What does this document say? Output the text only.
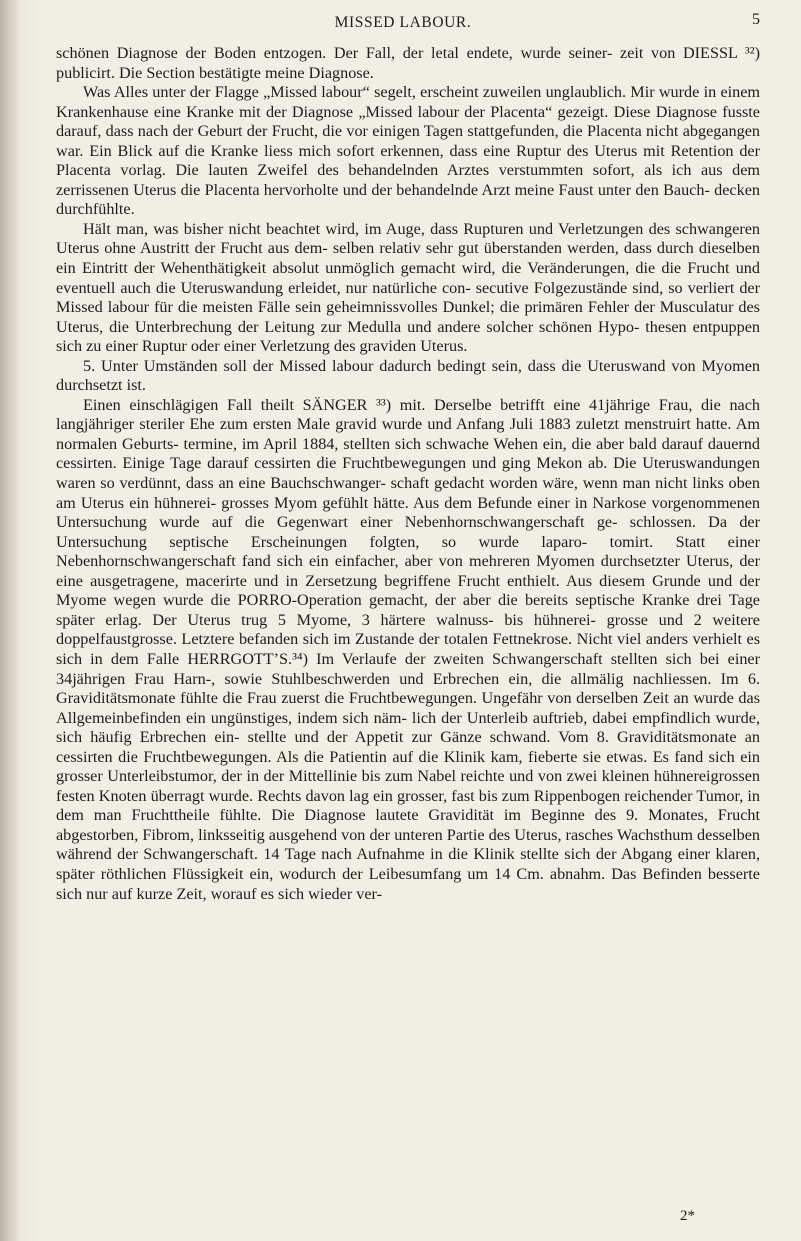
MISSED LABOUR.	5

schönen Diagnose der Boden entzogen. Der Fall, der letal endete, wurde seiner- zeit von DIESSL ³²) publicirt. Die Section bestätigte meine Diagnose.

Was Alles unter der Flagge „Missed labour“ segelt, erscheint zuweilen unglaublich. Mir wurde in einem Krankenhause eine Kranke mit der Diagnose „Missed labour der Placenta“ gezeigt. Diese Diagnose fusste darauf, dass nach der Geburt der Frucht, die vor einigen Tagen stattgefunden, die Placenta nicht abgegangen war. Ein Blick auf die Kranke liess mich sofort erkennen, dass eine Ruptur des Uterus mit Retention der Placenta vorlag. Die lauten Zweifel des behandelnden Arztes verstummten sofort, als ich aus dem zerrissenen Uterus die Placenta hervorholte und der behandelnde Arzt meine Faust unter den Bauch- decken durchfühlte.

Hält man, was bisher nicht beachtet wird, im Auge, dass Rupturen und Verletzungen des schwangeren Uterus ohne Austritt der Frucht aus dem- selben relativ sehr gut überstanden werden, dass durch dieselben ein Eintritt der Wehenthätigkeit absolut unmöglich gemacht wird, die Veränderungen, die die Frucht und eventuell auch die Uteruswandung erleidet, nur natürliche con- secutive Folgezustände sind, so verliert der Missed labour für die meisten Fälle sein geheimnissvolles Dunkel; die primären Fehler der Musculatur des Uterus, die Unterbrechung der Leitung zur Medulla und andere solcher schönen Hypo- thesen entpuppen sich zu einer Ruptur oder einer Verletzung des graviden Uterus.

5. Unter Umständen soll der Missed labour dadurch bedingt sein, dass die Uteruswand von Myomen durchsetzt ist.

Einen einschlägigen Fall theilt SÄNGER ³³) mit. Derselbe betrifft eine 41jährige Frau, die nach langjähriger steriler Ehe zum ersten Male gravid wurde und Anfang Juli 1883 zuletzt menstruirt hatte. Am normalen Geburts- termine, im April 1884, stellten sich schwache Wehen ein, die aber bald darauf dauernd cessirten. Einige Tage darauf cessirten die Fruchtbewegungen und ging Mekon ab. Die Uteruswandungen waren so verdünnt, dass an eine Bauchschwanger- schaft gedacht worden wäre, wenn man nicht links oben am Uterus ein hühnerei- grosses Myom gefühlt hätte. Aus dem Befunde einer in Narkose vorgenommenen Untersuchung wurde auf die Gegenwart einer Nebenhornschwangerschaft ge- schlossen. Da der Untersuchung septische Erscheinungen folgten, so wurde laparo- tomirt. Statt einer Nebenhornschwangerschaft fand sich ein einfacher, aber von mehreren Myomen durchsetzter Uterus, der eine ausgetragene, macerirte und in Zersetzung begriffene Frucht enthielt. Aus diesem Grunde und der Myome wegen wurde die PORRO-Operation gemacht, der aber die bereits septische Kranke drei Tage später erlag. Der Uterus trug 5 Myome, 3 härtere walnuss- bis hühnerei- grosse und 2 weitere doppelfaustgrosse. Letztere befanden sich im Zustande der totalen Fettnekrose. Nicht viel anders verhielt es sich in dem Falle HERRGOTT’S.³⁴) Im Verlaufe der zweiten Schwangerschaft stellten sich bei einer 34jährigen Frau Harn-, sowie Stuhlbeschwerden und Erbrechen ein, die allmälig nachliessen. Im 6. Graviditätsmonate fühlte die Frau zuerst die Fruchtbewegungen. Ungefähr von derselben Zeit an wurde das Allgemeinbefinden ein ungünstiges, indem sich näm- lich der Unterleib auftrieb, dabei empfindlich wurde, sich häufig Erbrechen ein- stellte und der Appetit zur Gänze schwand. Vom 8. Graviditätsmonate an cessirten die Fruchtbewegungen. Als die Patientin auf die Klinik kam, fieberte sie etwas. Es fand sich ein grosser Unterleibstumor, der in der Mittellinie bis zum Nabel reichte und von zwei kleinen hühnereigrossen festen Knoten überragt wurde. Rechts davon lag ein grosser, fast bis zum Rippenbogen reichender Tumor, in dem man Fruchttheile fühlte. Die Diagnose lautete Gravidität im Beginne des 9. Monates, Frucht abgestorben, Fibrom, linksseitig ausgehend von der unteren Partie des Uterus, rasches Wachsthum desselben während der Schwangerschaft. 14 Tage nach Aufnahme in die Klinik stellte sich der Abgang einer klaren, später röthlichen Flüssigkeit ein, wodurch der Leibesumfang um 14 Cm. abnahm. Das Befinden besserte sich nur auf kurze Zeit, worauf es sich wieder ver-

2*
